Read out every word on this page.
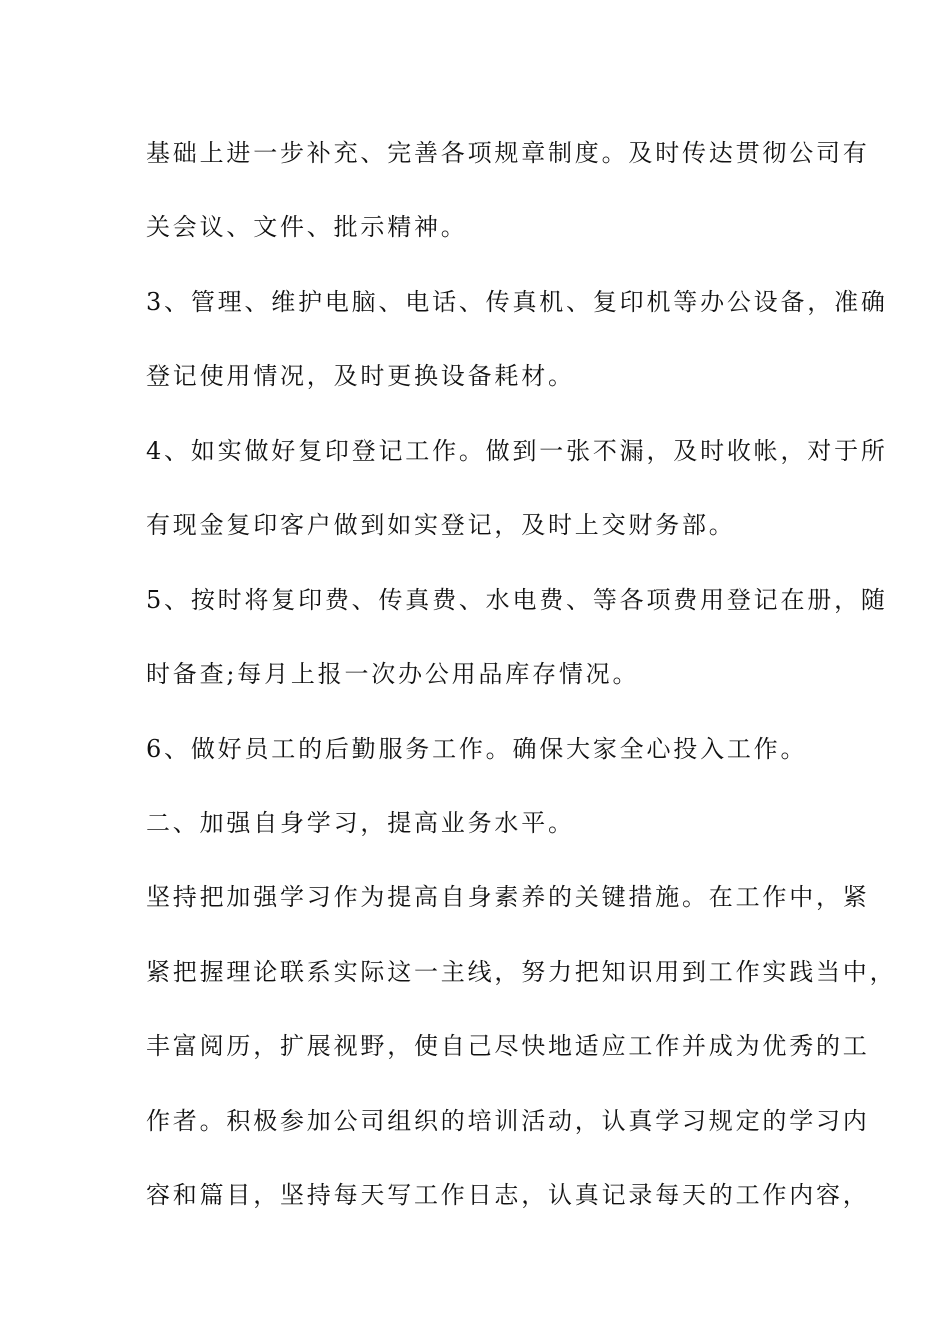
基础上进一步补充、完善各项规章制度。及时传达贯彻公司有
关会议、文件、批示精神。
3、管理、维护电脑、电话、传真机、复印机等办公设备，准确
登记使用情况，及时更换设备耗材。
4、如实做好复印登记工作。做到一张不漏，及时收帐，对于所
有现金复印客户做到如实登记，及时上交财务部。
5、按时将复印费、传真费、水电费、等各项费用登记在册，随
时备查;每月上报一次办公用品库存情况。
6、做好员工的后勤服务工作。确保大家全心投入工作。
二、加强自身学习，提高业务水平。
坚持把加强学习作为提高自身素养的关键措施。在工作中，紧
紧把握理论联系实际这一主线，努力把知识用到工作实践当中，
丰富阅历，扩展视野，使自己尽快地适应工作并成为优秀的工
作者。积极参加公司组织的培训活动，认真学习规定的学习内
容和篇目，坚持每天写工作日志，认真记录每天的工作内容，
